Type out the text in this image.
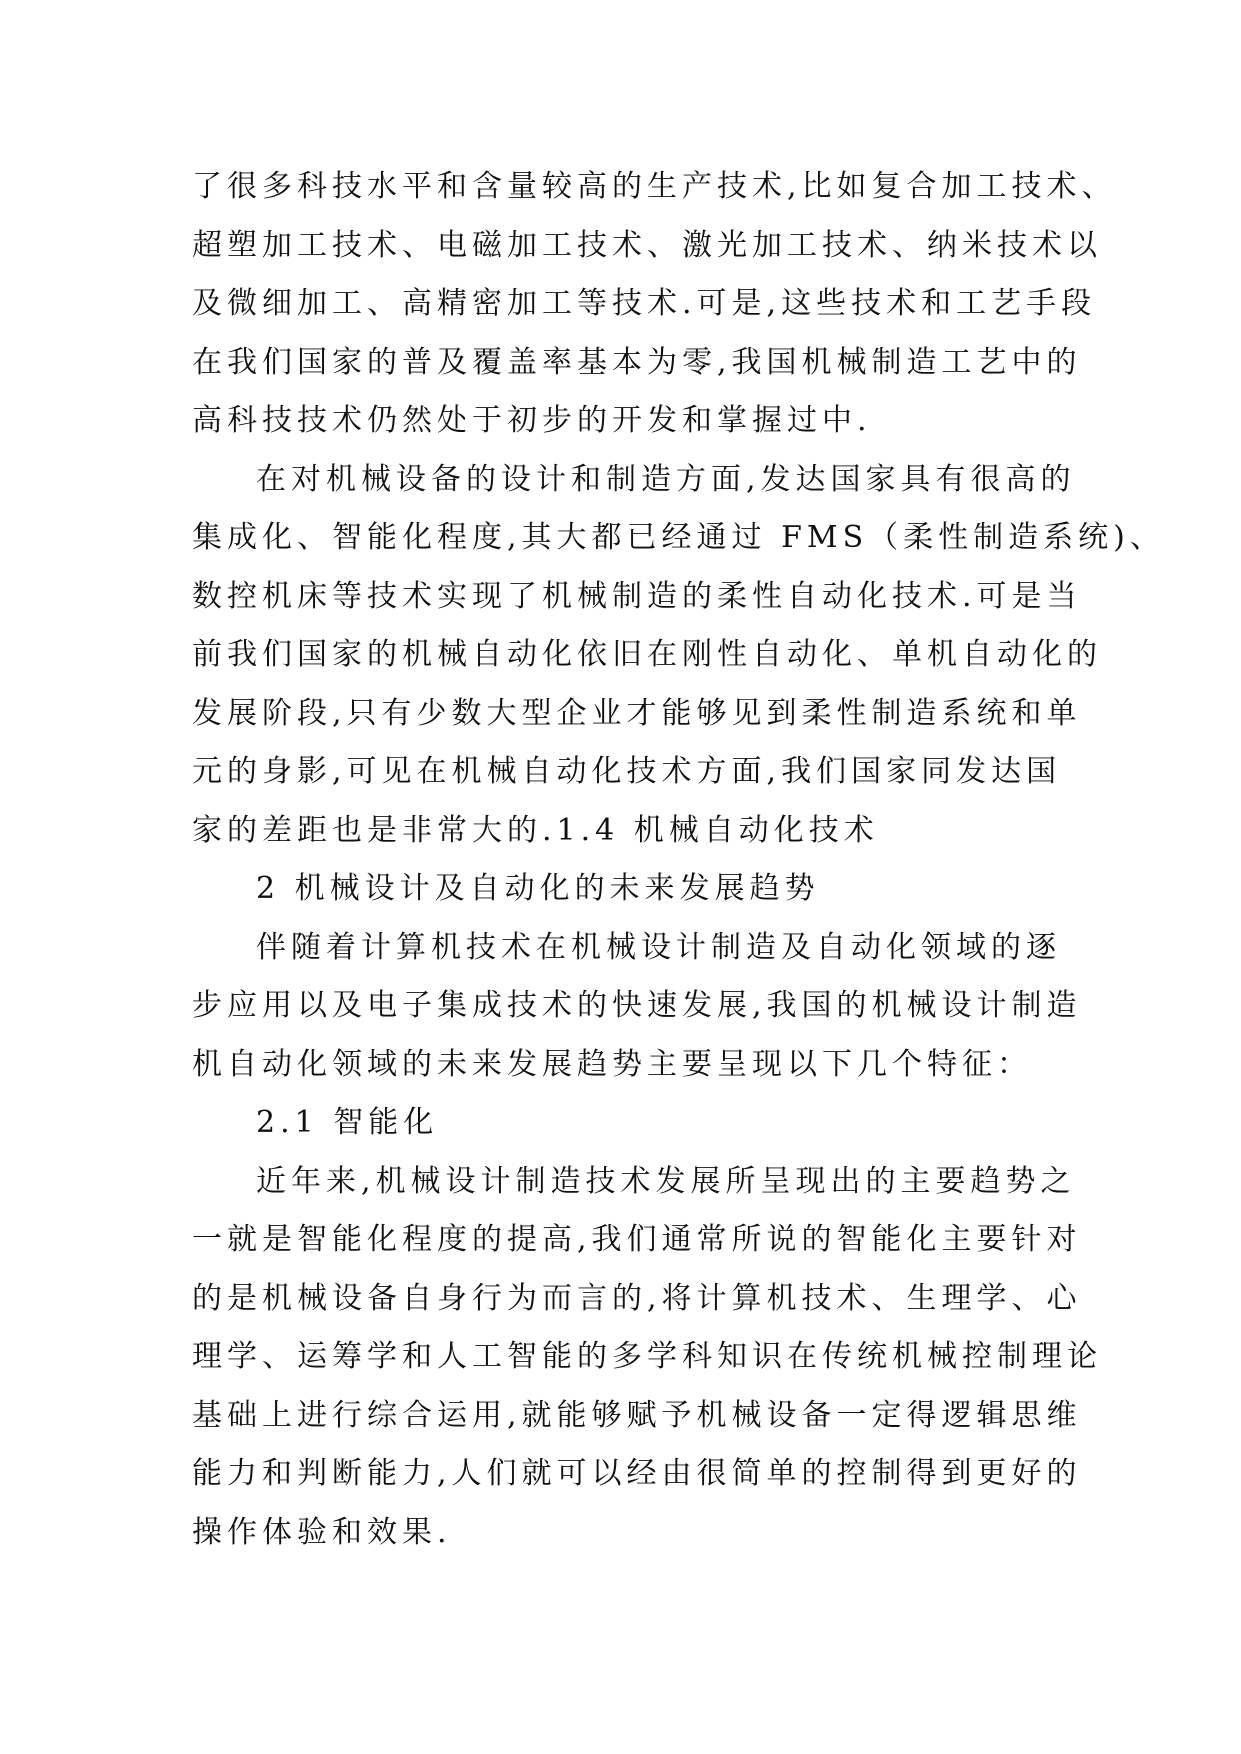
了很多科技水平和含量较高的生产技术,比如复合加工技术、
超塑加工技术、电磁加工技术、激光加工技术、纳米技术以
及微细加工、高精密加工等技术.可是,这些技术和工艺手段
在我们国家的普及覆盖率基本为零,我国机械制造工艺中的
高科技技术仍然处于初步的开发和掌握过中.
在对机械设备的设计和制造方面,发达国家具有很高的
集成化、智能化程度,其大都已经通过 FMS（柔性制造系统)、
数控机床等技术实现了机械制造的柔性自动化技术.可是当
前我们国家的机械自动化依旧在刚性自动化、单机自动化的
发展阶段,只有少数大型企业才能够见到柔性制造系统和单
元的身影,可见在机械自动化技术方面,我们国家同发达国
家的差距也是非常大的.1.4 机械自动化技术
2 机械设计及自动化的未来发展趋势
伴随着计算机技术在机械设计制造及自动化领域的逐
步应用以及电子集成技术的快速发展,我国的机械设计制造
机自动化领域的未来发展趋势主要呈现以下几个特征：
2.1 智能化
近年来,机械设计制造技术发展所呈现出的主要趋势之
一就是智能化程度的提高,我们通常所说的智能化主要针对
的是机械设备自身行为而言的,将计算机技术、生理学、心
理学、运筹学和人工智能的多学科知识在传统机械控制理论
基础上进行综合运用,就能够赋予机械设备一定得逻辑思维
能力和判断能力,人们就可以经由很简单的控制得到更好的
操作体验和效果.
